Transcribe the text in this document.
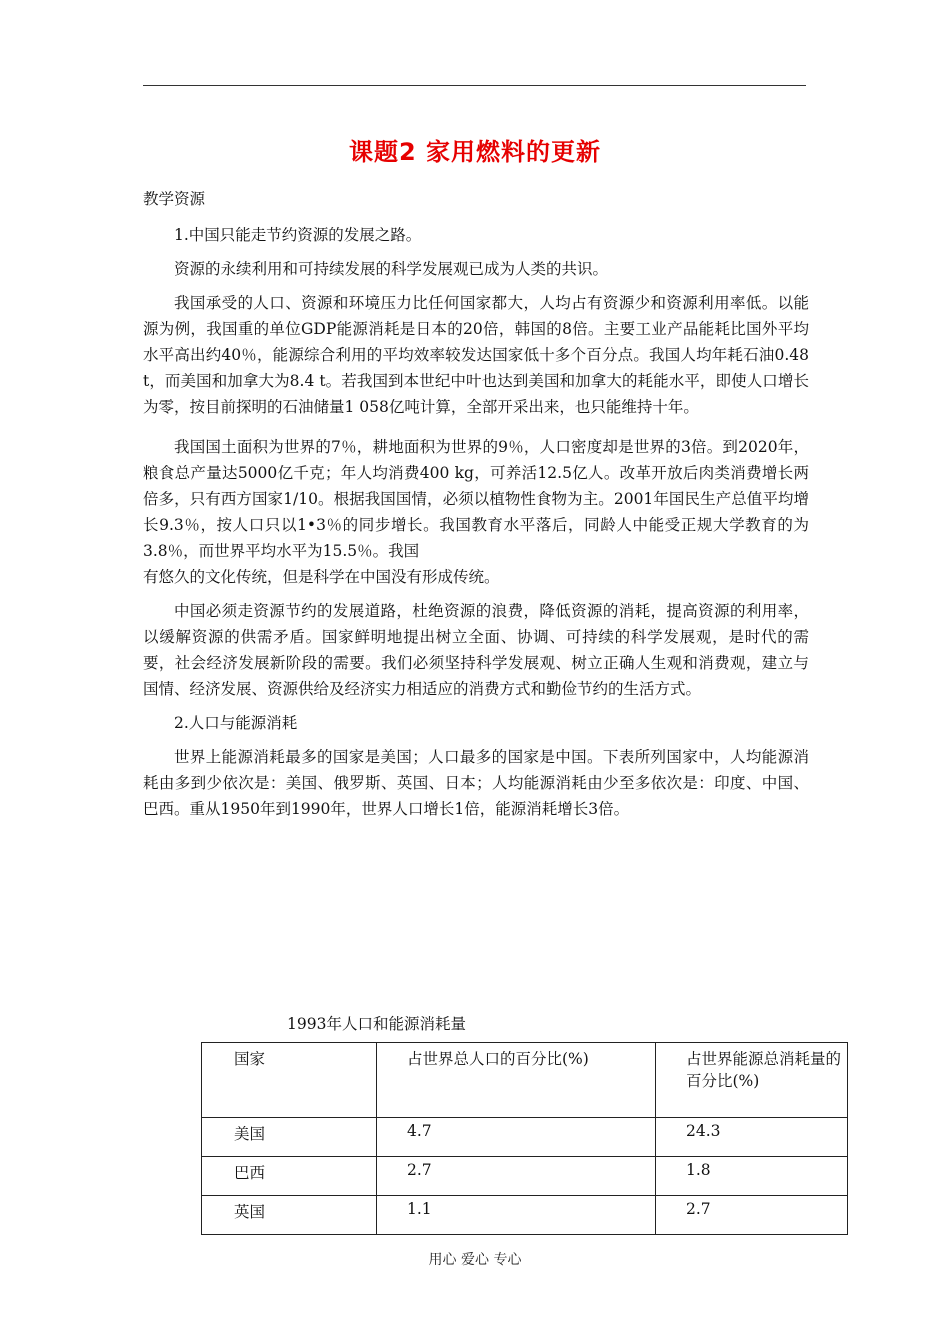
课题2 家用燃料的更新

教学资源

1.中国只能走节约资源的发展之路。

资源的永续利用和可持续发展的科学发展观已成为人类的共识。

我国承受的人口、资源和环境压力比任何国家都大，人均占有资源少和资源利用率低。以能源为例，我国重的单位GDP能源消耗是日本的20倍，韩国的8倍。主要工业产品能耗比国外平均水平高出约40％，能源综合利用的平均效率较发达国家低十多个百分点。我国人均年耗石油0.48 t，而美国和加拿大为8.4 t。若我国到本世纪中叶也达到美国和加拿大的耗能水平，即使人口增长为零，按目前探明的石油储量1 058亿吨计算，全部开采出来，也只能维持十年。

我国国土面积为世界的7％，耕地面积为世界的9％，人口密度却是世界的3倍。到2020年，粮食总产量达5000亿千克；年人均消费400 kg，可养活12.5亿人。改革开放后肉类消费增长两倍多，只有西方国家1/10。根据我国国情，必须以植物性食物为主。2001年国民生产总值平均增长9.3％，按人口只以1•3％的同步增长。我国教育水平落后，同龄人中能受正规大学教育的为3.8％，而世界平均水平为15.5％。我国

有悠久的文化传统，但是科学在中国没有形成传统。

中国必须走资源节约的发展道路，杜绝资源的浪费，降低资源的消耗，提高资源的利用率，以缓解资源的供需矛盾。国家鲜明地提出树立全面、协调、可持续的科学发展观，是时代的需要，社会经济发展新阶段的需要。我们必须坚持科学发展观、树立正确人生观和消费观，建立与国情、经济发展、资源供给及经济实力相适应的消费方式和勤俭节约的生活方式。

2.人口与能源消耗

世界上能源消耗最多的国家是美国；人口最多的国家是中国。下表所列国家中，人均能源消耗由多到少依次是：美国、俄罗斯、英国、日本；人均能源消耗由少至多依次是：印度、中国、巴西。重从1950年到1990年，世界人口增长1倍，能源消耗增长3倍。

1993年人口和能源消耗量
国家	占世界总人口的百分比(%)	占世界能源总消耗量的百分比(%)
美国	4.7	24.3
巴西	2.7	1.8
英国	1.1	2.7
用心 爱心 专心
